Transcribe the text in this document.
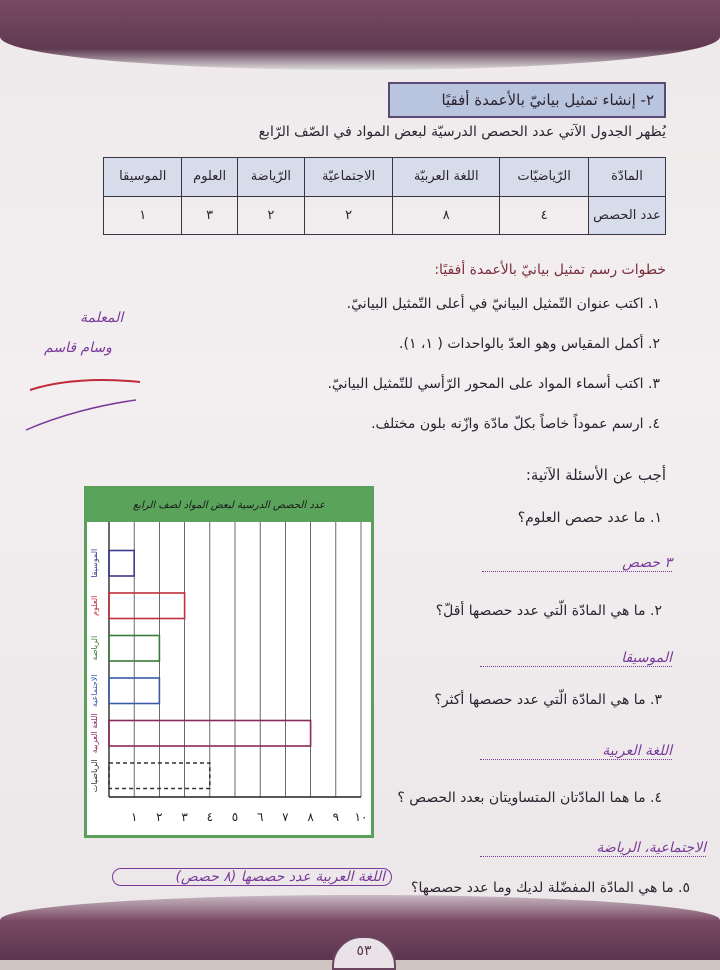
٥٣
٢- إنشاء تمثيل بيانيّ بالأعمدة أفقيًا
يُظهر الجدول الآتي عدد الحصص الدرسيّة لبعض المواد في الصّف الرّابع
المادّة	الرّياضيّات	اللغة العربيّة	الاجتماعيّة	الرّياضة	العلوم	الموسيقا
عدد الحصص	٤	٨	٢	٢	٣	١
خطوات رسم تمثيل بيانيّ بالأعمدة أفقيًا:
١. اكتب عنوان التّمثيل البيانيّ في أعلى التّمثيل البيانيّ.
٢. أكمل المقياس وهو العدّ بالواحدات ( ١، ١).
٣. اكتب أسماء المواد على المحور الرّأسي للتّمثيل البيانيّ.
٤. ارسم عموداً خاصاً بكلّ مادّة وازّنه بلون مختلف.
المعلمة
وسام قاسم
أجب عن الأسئلة الآتية:
١. ما عدد حصص العلوم؟
٣ حصص
٢. ما هي المادّة الّتي عدد حصصها أقلّ؟
الموسيقا
٣. ما هي المادّة الّتي عدد حصصها أكثر؟
اللغة العربية
٤. ما هما المادّتان المتساويتان بعدد الحصص ؟
الاجتماعية، الرياضة
٥. ما هي المادّة المفضّلة لديك وما عدد حصصها؟
اللغة العربية عدد حصصها (٨ حصص)
عدد الحصص الدرسية لبعض المواد لصف الرابع
١ ٢ ٣ ٤ ٥ ٦ ٧ ٨ ٩ ١٠
الموسيقا
العلوم
الرياضة
الاجتماعية
اللغة العربية
الرياضيات
